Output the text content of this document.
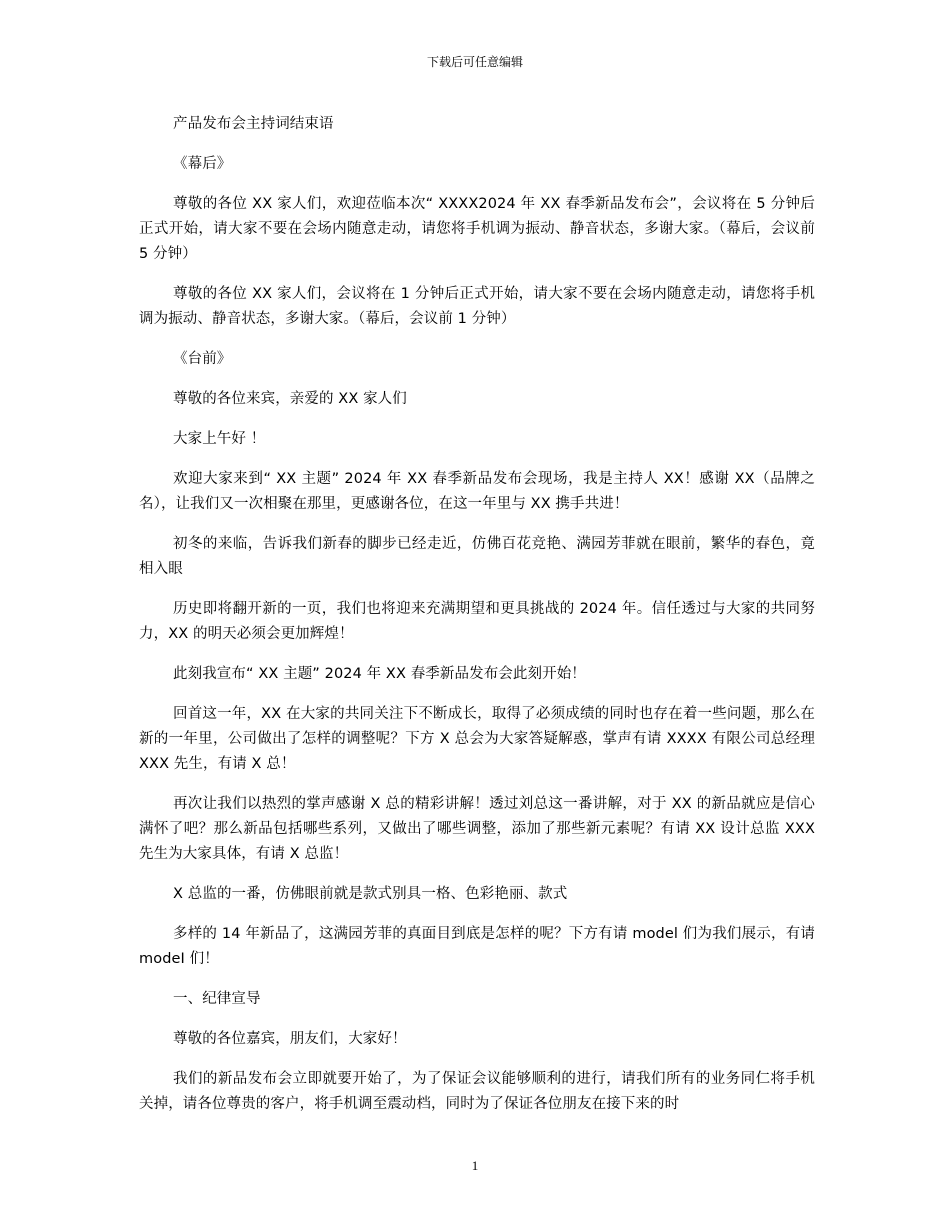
下载后可任意编辑

产品发布会主持词结束语

《幕后》

尊敬的各位 XX 家人们，欢迎莅临本次“ XXXX2024 年 XX 春季新品发布会”，会议将在 5 分钟后正式开始，请大家不要在会场内随意走动，请您将手机调为振动、静音状态，多谢大家。（幕后，会议前 5 分钟）

尊敬的各位 XX 家人们，会议将在 1 分钟后正式开始，请大家不要在会场内随意走动，请您将手机调为振动、静音状态，多谢大家。（幕后，会议前 1 分钟）

《台前》

尊敬的各位来宾，亲爱的 XX 家人们

大家上午好 ！

欢迎大家来到“ XX 主题” 2024 年 XX 春季新品发布会现场，我是主持人 XX！感谢 XX（品牌之名），让我们又一次相聚在那里，更感谢各位，在这一年里与 XX 携手共进！

初冬的来临，告诉我们新春的脚步已经走近，仿佛百花竞艳、满园芳菲就在眼前，繁华的春色，竟相入眼

历史即将翻开新的一页，我们也将迎来充满期望和更具挑战的 2024 年。信任透过与大家的共同努力，XX 的明天必须会更加辉煌！

此刻我宣布“ XX 主题” 2024 年 XX 春季新品发布会此刻开始！

回首这一年，XX 在大家的共同关注下不断成长，取得了必须成绩的同时也存在着一些问题，那么在新的一年里，公司做出了怎样的调整呢？下方 X 总会为大家答疑解惑，掌声有请 XXXX 有限公司总经理 XXX 先生，有请 X 总！

再次让我们以热烈的掌声感谢 X 总的精彩讲解！透过刘总这一番讲解，对于 XX 的新品就应是信心满怀了吧？那么新品包括哪些系列，又做出了哪些调整，添加了那些新元素呢？有请 XX 设计总监 XXX 先生为大家具体，有请 X 总监！

X 总监的一番，仿佛眼前就是款式别具一格、色彩艳丽、款式

多样的 14 年新品了，这满园芳菲的真面目到底是怎样的呢？下方有请 model 们为我们展示，有请 modeI 们！

一、纪律宣导

尊敬的各位嘉宾，朋友们，大家好！

我们的新品发布会立即就要开始了，为了保证会议能够顺利的进行，请我们所有的业务同仁将手机关掉，请各位尊贵的客户，将手机调至震动档，同时为了保证各位朋友在接下来的时

1
